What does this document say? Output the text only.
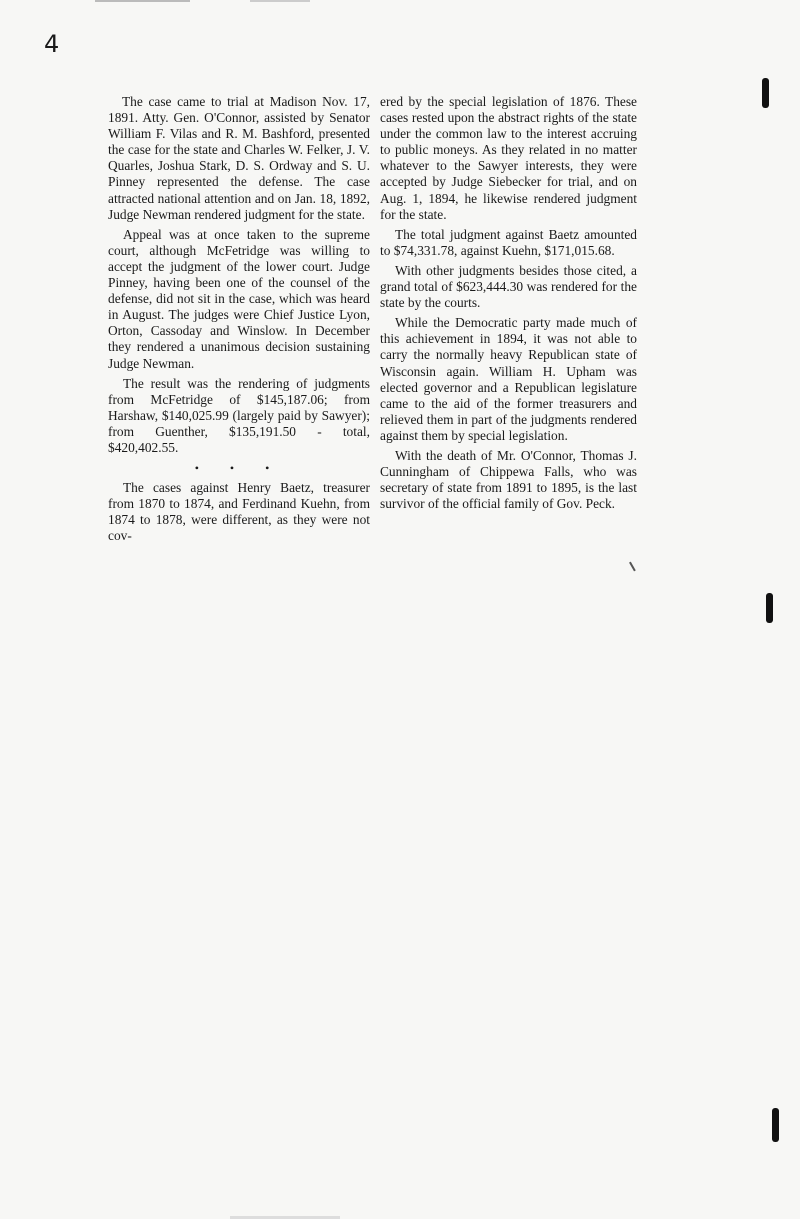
4

The case came to trial at Madison Nov. 17, 1891. Atty. Gen. O'Connor, assisted by Senator William F. Vilas and R. M. Bashford, presented the case for the state and Charles W. Felker, J. V. Quarles, Joshua Stark, D. S. Ordway and S. U. Pinney represented the defense. The case attracted national attention and on Jan. 18, 1892, Judge Newman rendered judgment for the state.

Appeal was at once taken to the supreme court, although McFetridge was willing to accept the judgment of the lower court. Judge Pinney, having been one of the counsel of the defense, did not sit in the case, which was heard in August. The judges were Chief Justice Lyon, Orton, Cassoday and Winslow. In December they rendered a unanimous decision sustaining Judge Newman.

The result was the rendering of judgments from McFetridge of $145,187.06; from Harshaw, $140,025.99 (largely paid by Sawyer); from Guenther, $135,191.50 - total, $420,402.55.

• • •

The cases against Henry Baetz, treasurer from 1870 to 1874, and Ferdinand Kuehn, from 1874 to 1878, were different, as they were not cov-

ered by the special legislation of 1876. These cases rested upon the abstract rights of the state under the common law to the interest accruing to public moneys. As they related in no matter whatever to the Sawyer interests, they were accepted by Judge Siebecker for trial, and on Aug. 1, 1894, he likewise rendered judgment for the state.

The total judgment against Baetz amounted to $74,331.78, against Kuehn, $171,015.68.

With other judgments besides those cited, a grand total of $623,444.30 was rendered for the state by the courts.

While the Democratic party made much of this achievement in 1894, it was not able to carry the normally heavy Republican state of Wisconsin again. William H. Upham was elected governor and a Republican legislature came to the aid of the former treasurers and relieved them in part of the judgments rendered against them by special legislation.

With the death of Mr. O'Connor, Thomas J. Cunningham of Chippewa Falls, who was secretary of state from 1891 to 1895, is the last survivor of the official family of Gov. Peck.
